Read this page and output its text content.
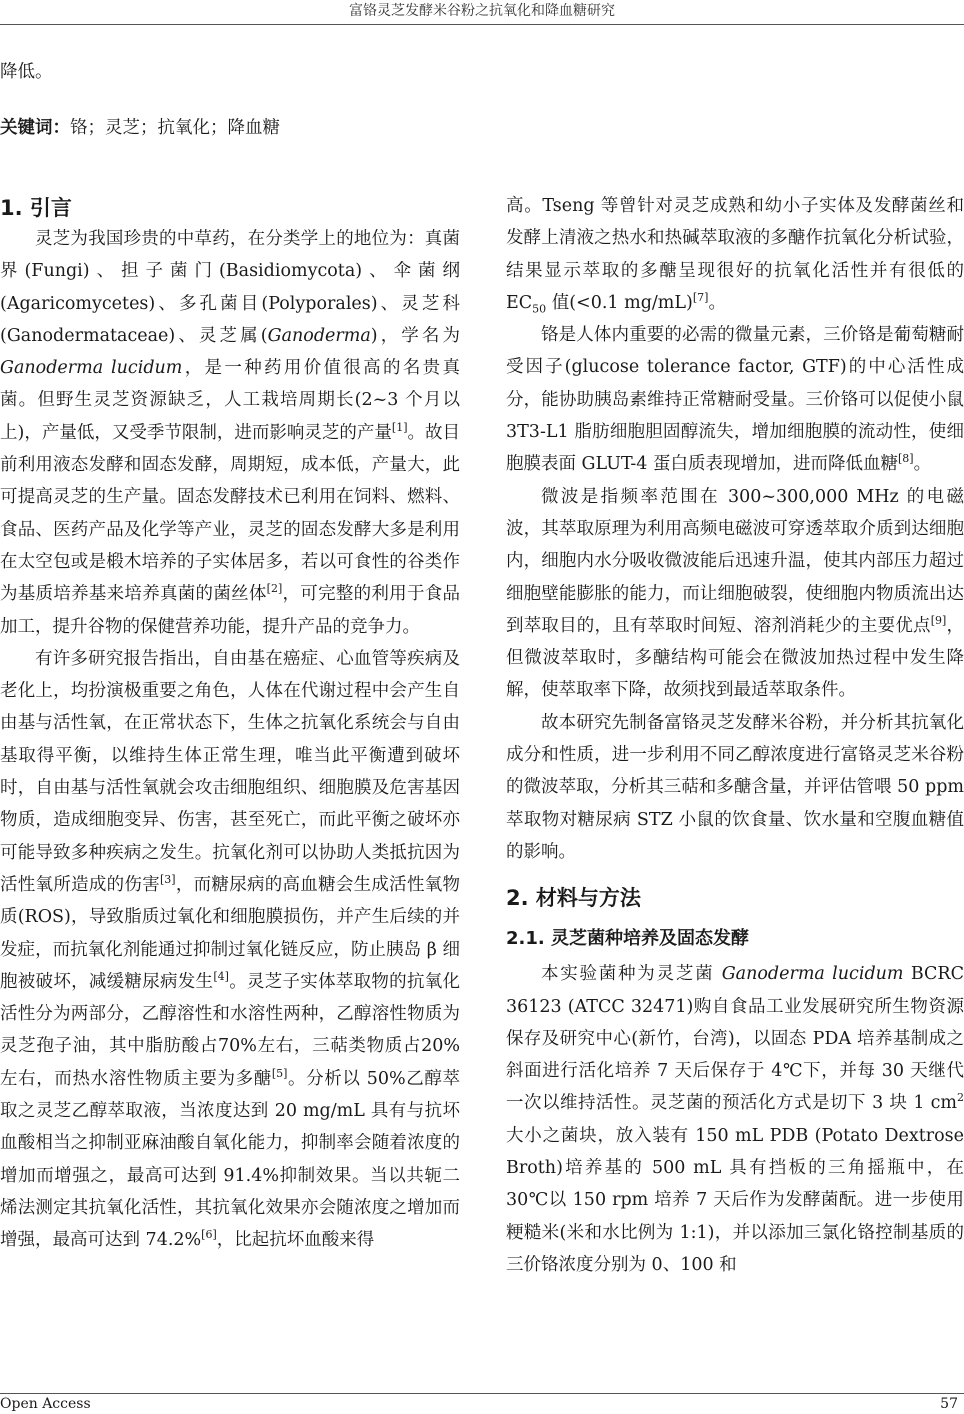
富铬灵芝发酵米谷粉之抗氧化和降血糖研究

降低。

关键词：铬；灵芝；抗氧化；降血糖

1. 引言

灵芝为我国珍贵的中草药，在分类学上的地位为：真菌界(Fungi)、担子菌门(Basidiomycota)、伞菌纲(Agaricomycetes)、多孔菌目(Polyporales)、灵芝科(Ganodermataceae)、灵芝属(Ganoderma)，学名为Ganoderma lucidum，是一种药用价值很高的名贵真菌。但野生灵芝资源缺乏，人工栽培周期长(2~3 个月以上)，产量低，又受季节限制，进而影响灵芝的产量[1]。故目前利用液态发酵和固态发酵，周期短，成本低，产量大，此可提高灵芝的生产量。固态发酵技术已利用在饲料、燃料、食品、医药产品及化学等产业，灵芝的固态发酵大多是利用在太空包或是椴木培养的子实体居多，若以可食性的谷类作为基质培养基来培养真菌的菌丝体[2]，可完整的利用于食品加工，提升谷物的保健营养功能，提升产品的竞争力。

有许多研究报告指出，自由基在癌症、心血管等疾病及老化上，均扮演极重要之角色，人体在代谢过程中会产生自由基与活性氧，在正常状态下，生体之抗氧化系统会与自由基取得平衡，以维持生体正常生理，唯当此平衡遭到破坏时，自由基与活性氧就会攻击细胞组织、细胞膜及危害基因物质，造成细胞变异、伤害，甚至死亡，而此平衡之破坏亦可能导致多种疾病之发生。抗氧化剂可以协助人类抵抗因为活性氧所造成的伤害[3]，而糖尿病的高血糖会生成活性氧物质(ROS)，导致脂质过氧化和细胞膜损伤，并产生后续的并发症，而抗氧化剂能通过抑制过氧化链反应，防止胰岛 β 细胞被破坏，减缓糖尿病发生[4]。灵芝子实体萃取物的抗氧化活性分为两部分，乙醇溶性和水溶性两种，乙醇溶性物质为灵芝孢子油，其中脂肪酸占70%左右，三萜类物质占20%左右，而热水溶性物质主要为多醣[5]。分析以 50%乙醇萃取之灵芝乙醇萃取液，当浓度达到 20 mg/mL 具有与抗坏血酸相当之抑制亚麻油酸自氧化能力，抑制率会随着浓度的增加而增强之，最高可达到 91.4%抑制效果。当以共轭二烯法测定其抗氧化活性，其抗氧化效果亦会随浓度之增加而增强，最高可达到 74.2%[6]，比起抗坏血酸来得

高。Tseng 等曾针对灵芝成熟和幼小子实体及发酵菌丝和发酵上清液之热水和热碱萃取液的多醣作抗氧化分析试验，结果显示萃取的多醣呈现很好的抗氧化活性并有很低的 $EC_{50}$ 值(<0.1 mg/mL)[7]。

铬是人体内重要的必需的微量元素，三价铬是葡萄糖耐受因子(glucose tolerance factor, GTF)的中心活性成分，能协助胰岛素维持正常糖耐受量。三价铬可以促使小鼠 3T3-L1 脂肪细胞胆固醇流失，增加细胞膜的流动性，使细胞膜表面 GLUT-4 蛋白质表现增加，进而降低血糖[8]。

微波是指频率范围在 300~300,000 MHz 的电磁波，其萃取原理为利用高频电磁波可穿透萃取介质到达细胞内，细胞内水分吸收微波能后迅速升温，使其内部压力超过细胞壁能膨胀的能力，而让细胞破裂，使细胞内物质流出达到萃取目的，且有萃取时间短、溶剂消耗少的主要优点[9]，但微波萃取时，多醣结构可能会在微波加热过程中发生降解，使萃取率下降，故须找到最适萃取条件。

故本研究先制备富铬灵芝发酵米谷粉，并分析其抗氧化成分和性质，进一步利用不同乙醇浓度进行富铬灵芝米谷粉的微波萃取，分析其三萜和多醣含量，并评估管喂 50 ppm 萃取物对糖尿病 STZ 小鼠的饮食量、饮水量和空腹血糖值的影响。

2. 材料与方法
2.1. 灵芝菌种培养及固态发酵

本实验菌种为灵芝菌 Ganoderma lucidum BCRC 36123 (ATCC 32471)购自食品工业发展研究所生物资源保存及研究中心(新竹，台湾)，以固态 PDA 培养基制成之斜面进行活化培养 7 天后保存于 4℃下，并每 30 天继代一次以维持活性。灵芝菌的预活化方式是切下 3 块 1 $cm^2$ 大小之菌块，放入装有 150 mL PDB (Potato Dextrose Broth)培养基的 500 mL 具有挡板的三角摇瓶中，在 30℃以 150 rpm 培养 7 天后作为发酵菌酛。进一步使用粳糙米(米和水比例为 1:1)，并以添加三氯化铬控制基质的三价铬浓度分别为 0、100 和

Open Access	57
